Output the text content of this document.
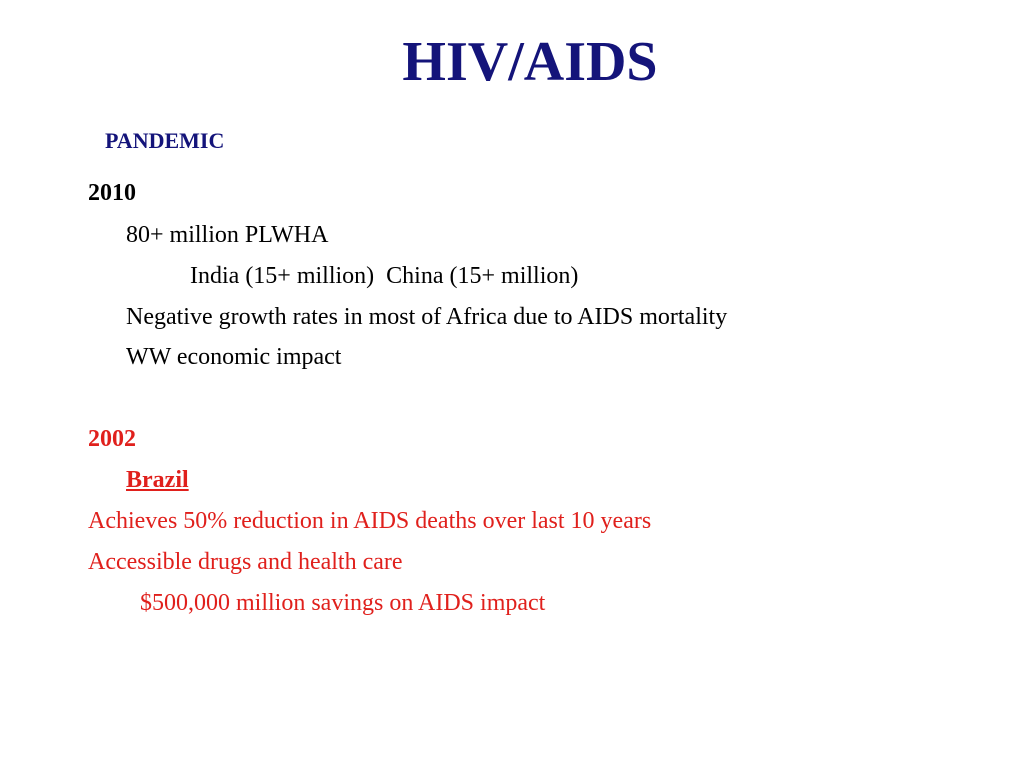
HIV/AIDS
PANDEMIC
2010
80+ million PLWHA
India (15+ million)  China (15+ million)
Negative growth rates in most of Africa due to AIDS mortality
WW economic impact
2002
Brazil
Achieves 50% reduction in AIDS deaths over last 10 years
Accessible drugs and health care
$500,000 million savings on AIDS impact
